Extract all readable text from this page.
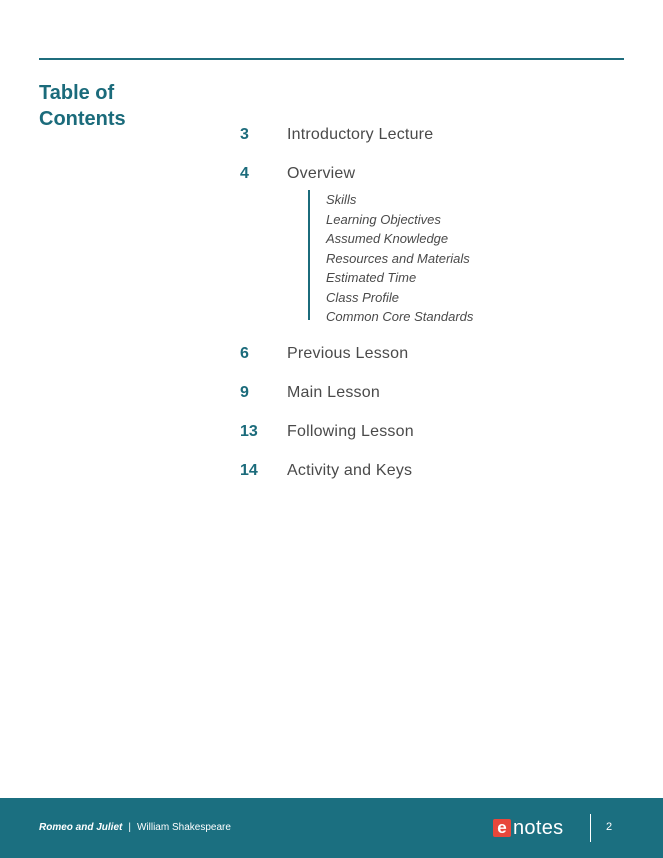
Table of
Contents
3	Introductory Lecture
4	Overview
Skills
Learning Objectives
Assumed Knowledge
Resources and Materials
Estimated Time
Class Profile
Common Core Standards
6	Previous Lesson
9	Main Lesson
13	Following Lesson
14	Activity and Keys
Romeo and Juliet | William Shakespeare	e notes	2
